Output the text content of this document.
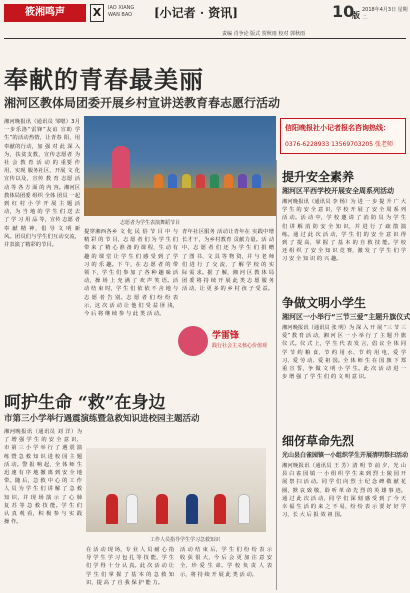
筱湘鸣声	X	IAO XIANG
WAN BAO [小记者 · 资讯]	10
版
2018年4月3日 星期二
责编 肖争论 版式 贺秋雨 校对 郭秋雨
奉献的青春最美丽
湘河区教体局团委开展乡村宣讲送教育春志愿行活动
信阳晚报社小记者报名咨询热线：
0376-6228933 13569703205 张老师
湘河晚报讯（通讯员 邹嗯）3月一步乐洛“雷锋”友谊 宣助 学生”的活动热情，让青春 阳，用奉献的行动，加 强 对 此 深 入 为，扶贫支教，宣传志愿者 为 社 会 教 育 活 动 的 重要 作 用，实现 服务社区，开展 文 化 宣传以及，宣传 教 育 志愿 活 动 等 各 方 面 的 内 容。湘河区教体局团委 组织 全体 团员 一起 到 红 村 小 学 开 展 主 题 活 动，为 当 地 的 学 生 们 送 去 了 学 习 用 品 等，宣传 志愿 者 奉 献 精 神，倡 导 文 明 新 风。团员们与学生们互动交流，并表演了精彩的节目。
志愿者为学生表演舞蹈节目
提穿湘西各乡 文 化 民 俗 节 目 中 与 精 彩 的 节 目，志 愿 者 们 为 学 生 们 带 来 了 精 心 准 备 的 课 程，生 动 有 趣 的 课 堂 让 学 生 们 感 受 到 了 学 习 的 乐 趣。下 午，在 志 愿 者 的 带 领 下，学 生 们 参 加 了 各 种 趣 味 活 动，操 场 上 充 满 了 欢 声 笑 语。活 动 结 束 时，学 生 们 依 依 不 舍 地 与 志 愿 者 告 别。志 愿 者 们 纷 纷 表 示，这 次 活 动 让 他 们 受 益 匪 浅，今 后 将 继 续 参 与 此 类 活 动。
青年社区服务 活动让青年在 实践中增长才干，为乡村教育 贡献力量。活 动 中，志 愿 者 们 还 为 学 生 们 捐 赠 了 图 书、文 具 等 物 资，并 与 老 师 们 进 行 了 交 流，了 解 学 校 的 实 际 需 求。据 了 解，湘 河 区 教 体 局 团 委 将 持 续 开 展 此 类 志 愿 服 务 活 动，让 更 多 的 乡 村 孩 子 受 益。
学雷锋
践行社会主义核心价值观
提升安全素养
湘河区平西学校开展安全周系列活动
湘河晚报讯（通讯员 李 杨）为 进 一 步 提 升 广 大 学 生 的 安 全 意 识，学 校 开 展 了 安 全 周 系 列 活 动。活 动 中，学 校 邀 请 了 消 防 员 为 学 生 们 讲 解 消 防 安 全 知 识，并 进 行 了 疏 散 演 练。通 过 此 次 活 动，学 生 们 的 安 全 意 识 得 到 了 提 高，掌 握 了 基 本 的 自 救 技 能。学 校 还 组 织 了 安 全 知 识 竞 赛，激 发 了 学 生 们 学 习 安 全 知 识 的 兴 趣。
争做文明小学生
湘河区一小举行“三节三爱”主题升旗仪式
湘河晚报讯（通讯员 张 明）为 深 入 开 展 “三 节 三 爱” 教 育 活 动，湘 河 区 一 小 举 行 了 主 题 升 旗 仪 式。仪 式 上，学 生 代 表 发 言，倡 议 全 体 同 学 节 约 粮 食、节 约 用 水、节 约 用 电，爱 学 习、爱 劳 动、爱 祖 国。全 体 师 生 在 国 旗 下 郑 重 宣 誓，争 做 文 明 小 学 生。此 次 活 动 进 一 步 增 强 了 学 生 们 的 文 明 意 识。
细伢草命先烈
光山县白雀园镇一小组织学生开展清明祭扫活动
湘河晚报讯（通讯员 王 芳）清 明 节 前 夕，光 山 县 白 雀 园 镇 一 小 组 织 学 生 来 到 烈 士 陵 园 开 展 祭 扫 活 动。同 学 们 向 烈 士 纪 念 碑 敬 献 花 圈，默 哀 致 敬，聆 听 革 命 先 烈 的 英 雄 事 迹。通 过 此 次 活 动，同 学 们 深 刻 感 受 到 了 今 天 幸 福 生 活 的 来 之 不 易，纷 纷 表 示 要 好 好 学 习，长 大 后 报 效 祖 国。
呵护生命 “救”在身边
市第三小学举行遇震演练暨急救知识进校园主题活动
湘河晚报讯（通讯员 刘 洋）为 了 增 强 学 生 的 安 全 意 识，市 第 三 小 学 举 行 了 遇 震 演 练 暨 急 救 知 识 进 校 园 主 题 活 动。警 报 响 起，全 体 师 生 迅 速 有 序 地 撤 离 到 安 全 地 带。随 后，急 救 中 心 的 工 作 人 员 为 学 生 们 讲 解 了 急 救 知 识，并 现 场 演 示 了 心 肺 复 苏 等 急 救 技 能。学 生 们 认 真 观 看，积 极 参 与 实 践 操 作。
工作人员指导学生学习急救知识
在 活 动 现 场，专 业 人 员 耐 心 指 导 学 生 学 习 包 扎 等 技 能，学 生 们 学 得 十 分 认 真。此 次 活 动 让 学 生 们 掌 握 了 基 本 的 急 救 知 识，提 高 了 自 我 保 护 能 力。
活 动 结 束 后，学 生 们 纷 纷 表 示 收 获 很 大，今 后 会 更 加 注 意 安 全，珍 爱 生 命。学 校 负 责 人 表 示，将 持 续 开 展 此 类 活 动。
